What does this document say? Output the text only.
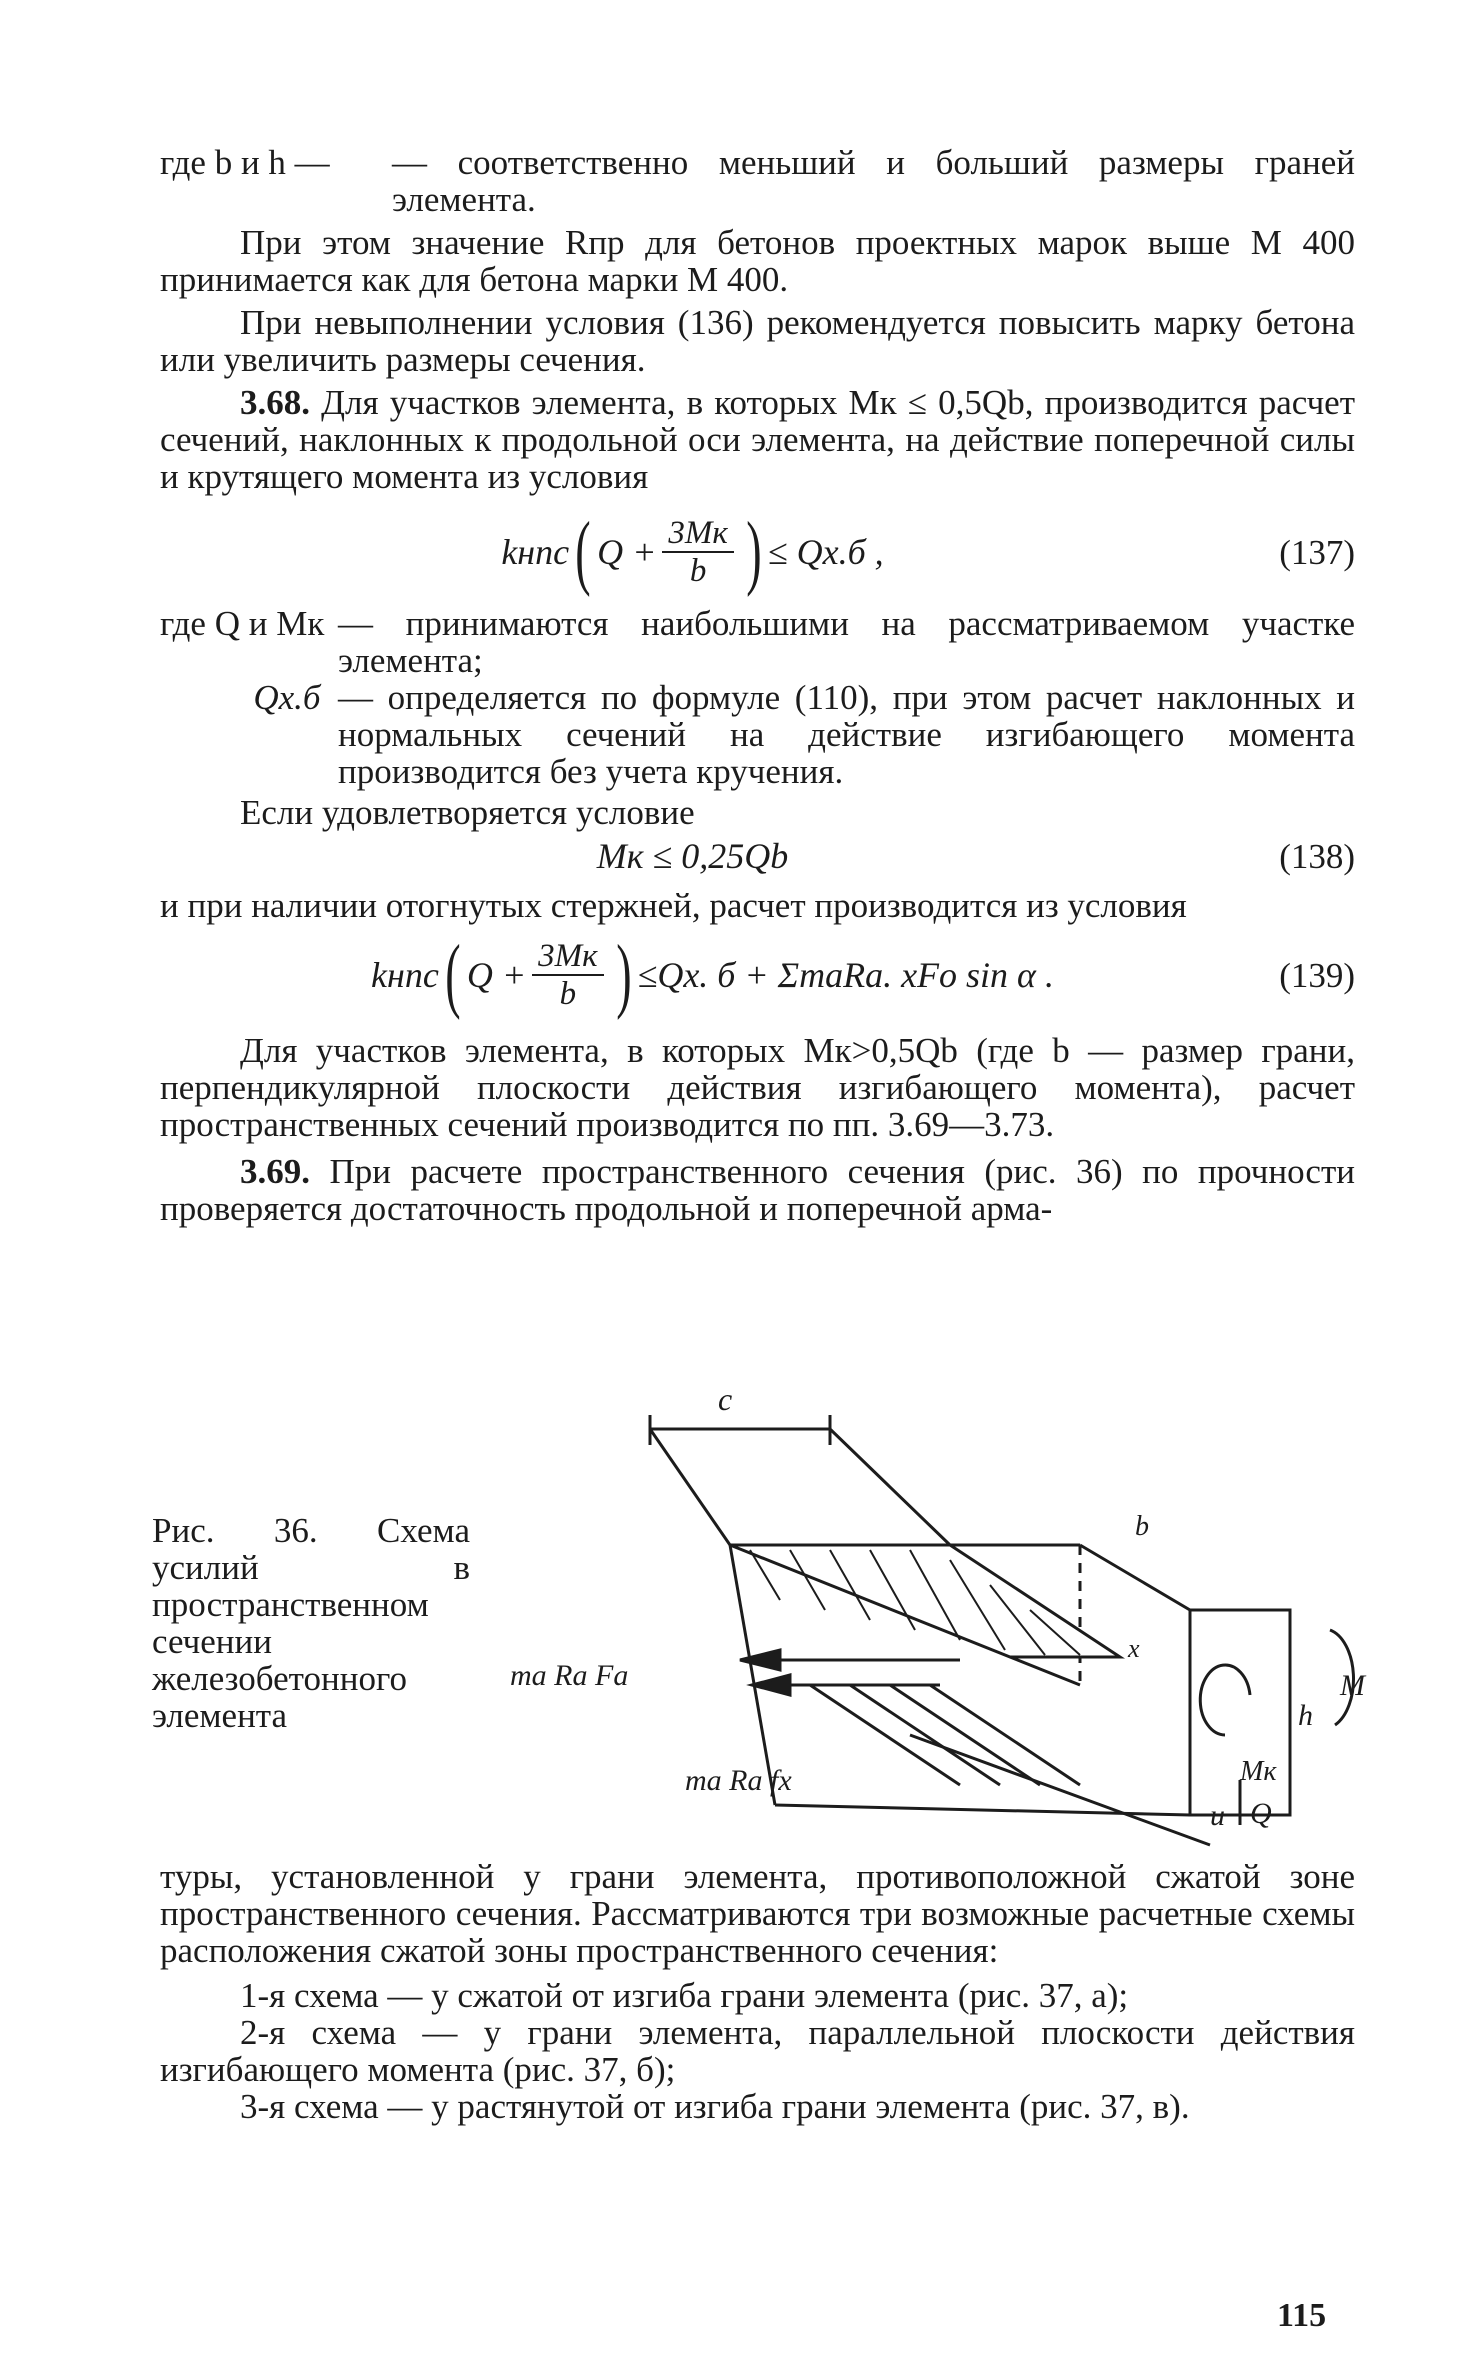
где b и h —	— соответственно меньший и больший размеры граней элемента.

При этом значение Rпр для бетонов проектных марок выше М 400 принимается как для бетона марки М 400.

При невыполнении условия (136) рекомендуется повысить марку бетона или увеличить размеры сечения.

3.68. Для участков элемента, в которых Mк ≤ 0,5Qb, производится расчет сечений, наклонных к продольной оси элемента, на действие поперечной силы и крутящего момента из условия

kнnc ( $Q + \frac{3Mк}{b}$ ) ≤ Qх.б ,	(137)
где Q и Mк — принимаются наибольшими на рассматриваемом участке элемента;
Qх.б — определяется по формуле (110), при этом расчет наклонных и нормальных сечений на действие изгибающего момента производится без учета кручения.

Если удовлетворяется условие

Mк ≤ 0,25Qb	(138)

и при наличии отогнутых стержней, расчет производится из условия

kнnc ( $Q + \frac{3Mк}{b}$ ) ≤Qх. б + ΣmаRа. хFо sin α .	(139)

Для участков элемента, в которых Mк>0,5Qb (где b — размер грани, перпендикулярной плоскости действия изгибающего момента), расчет пространственных сечений производится по пп. 3.69—3.73.

3.69. При расчете пространственного сечения (рис. 36) по прочности проверяется достаточность продольной и поперечной арма-

Рис. 36. Схема усилий в пространственном сечении железобетонного элемента
c
x
u
Mк
Q
M
b
h
mа Rа Fа
mа Rа fх

туры, установленной у грани элемента, противоположной сжатой зоне пространственного сечения. Рассматриваются три возможные расчетные схемы расположения сжатой зоны пространственного сечения:

1-я схема — у сжатой от изгиба грани элемента (рис. 37, а);

2-я схема — у грани элемента, параллельной плоскости действия изгибающего момента (рис. 37, б);

3-я схема — у растянутой от изгиба грани элемента (рис. 37, в).

115
